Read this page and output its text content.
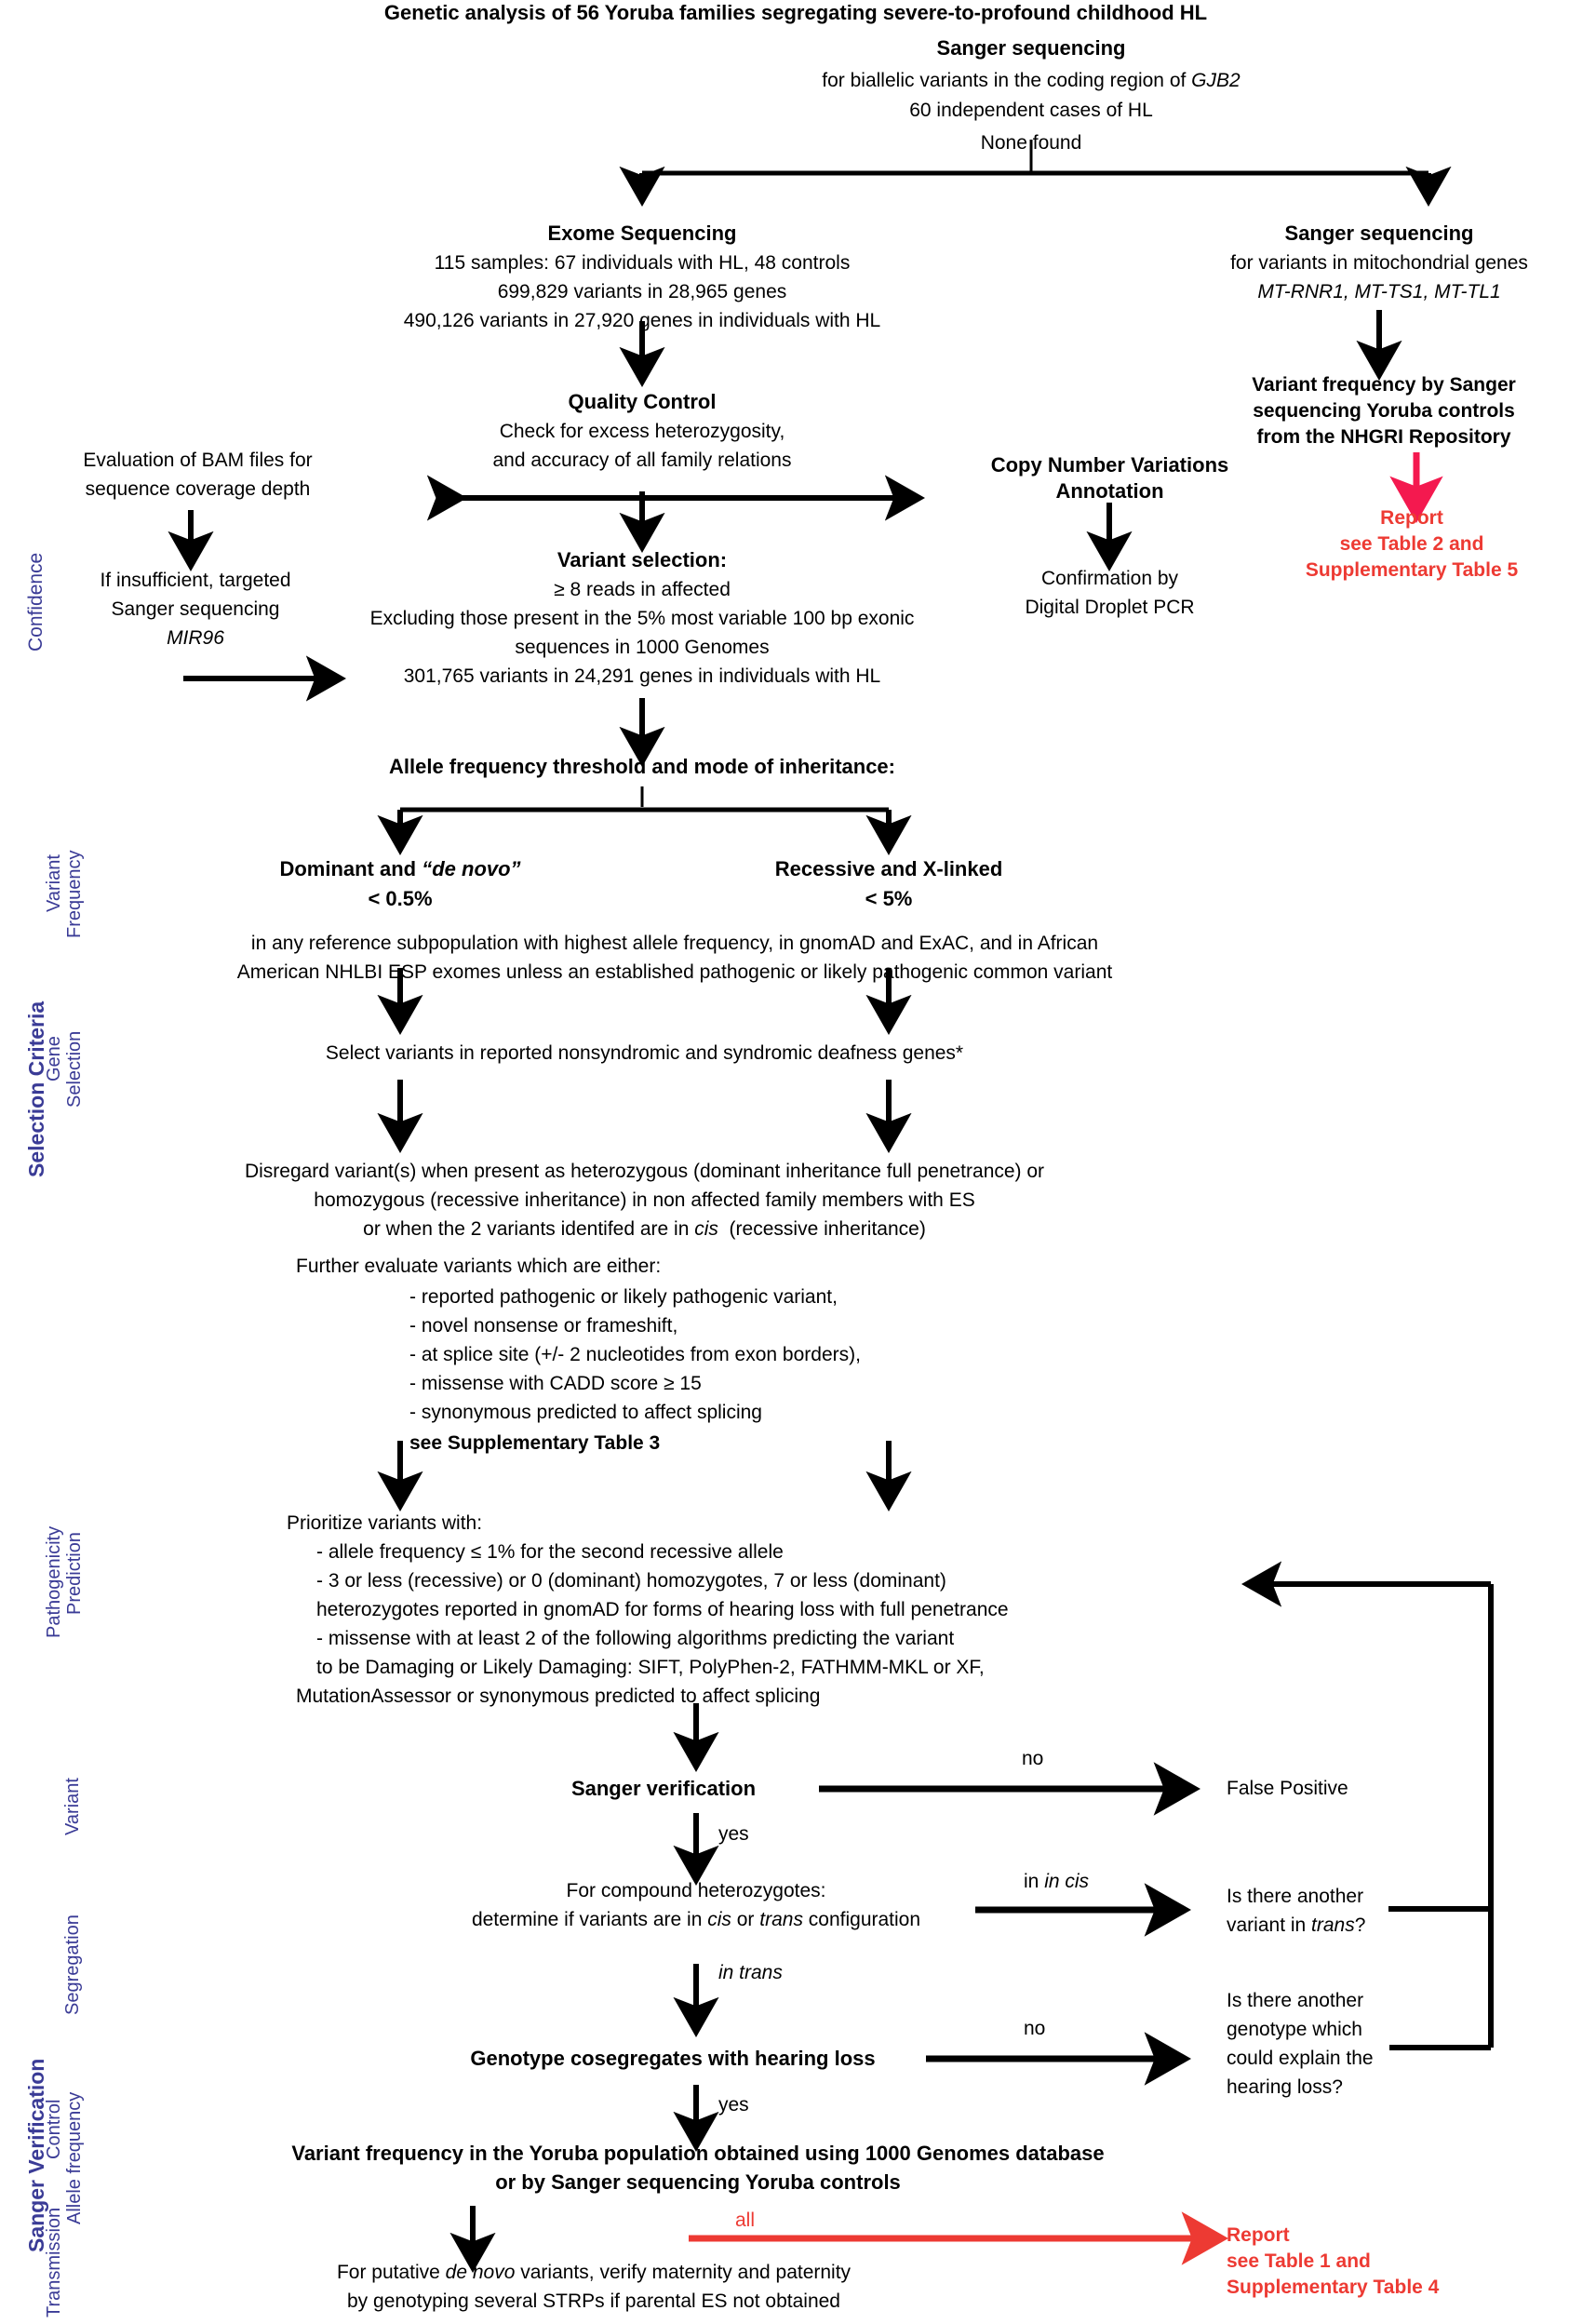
Genetic analysis of 56 Yoruba families segregating severe-to-profound childhood HL
Sanger sequencing
for biallelic variants in the coding region of GJB2
60 independent cases of HL
None found
Exome Sequencing
115 samples: 67 individuals with HL, 48 controls
699,829 variants in 28,965 genes
490,126 variants in 27,920 genes in individuals with HL
Sanger sequencing
for variants in mitochondrial genes
MT-RNR1, MT-TS1, MT-TL1
Variant frequency by Sanger
sequencing Yoruba controls
from the NHGRI Repository
Report
see Table 2 and
Supplementary Table 5
Quality Control
Check for excess heterozygosity,
and accuracy of all family relations
Evaluation of BAM files for
sequence coverage depth
If insufficient, targeted
Sanger sequencing
MIR96
Copy Number Variations
Annotation
Confirmation by
Digital Droplet PCR
Variant selection:
≥ 8 reads in affected
Excluding those present in the 5% most variable 100 bp exonic
sequences in 1000 Genomes
301,765 variants in 24,291 genes in individuals with HL
Allele frequency threshold and mode of inheritance:
Dominant and “de novo”
< 0.5%
Recessive and X-linked
< 5%
in any reference subpopulation with highest allele frequency, in gnomAD and ExAC, and in African
American NHLBI ESP exomes unless an established pathogenic or likely pathogenic common variant
Select variants in reported nonsyndromic and syndromic deafness genes*
Disregard variant(s) when present as heterozygous (dominant inheritance full penetrance) or
homozygous (recessive inheritance) in non affected family members with ES
or when the 2 variants identifed are in cis  (recessive inheritance)
Further evaluate variants which are either:
- reported pathogenic or likely pathogenic variant,
- novel nonsense or frameshift,
- at splice site (+/- 2 nucleotides from exon borders),
- missense with CADD score ≥ 15
- synonymous predicted to affect splicing
see Supplementary Table 3
Prioritize variants with:
- allele frequency ≤ 1% for the second recessive allele
- 3 or less (recessive) or 0 (dominant) homozygotes, 7 or less (dominant)
heterozygotes reported in gnomAD for forms of hearing loss with full penetrance
- missense with at least 2 of the following algorithms predicting the variant
to be Damaging or Likely Damaging: SIFT, PolyPhen-2, FATHMM-MKL or XF,
MutationAssessor or synonymous predicted to affect splicing
Sanger verification
no
False Positive
yes
For compound heterozygotes:
determine if variants are in cis or trans configuration
in in cis
in trans
Is there another
variant in trans?
Genotype cosegregates with hearing loss
no
yes
Is there another
genotype which
could explain the
hearing loss?
Variant frequency in the Yoruba population obtained using 1000 Genomes database
or by Sanger sequencing Yoruba controls
all
Report
see Table 1 and
Supplementary Table 4
For putative de novo variants, verify maternity and paternity
by genotyping several STRPs if parental ES not obtained
Confidence
Selection Criteria
Variant Frequency
Gene Selection
Pathogenicity Prediction
Sanger Verification
Variant
Segregation
Control Allele frequency
Transmission
